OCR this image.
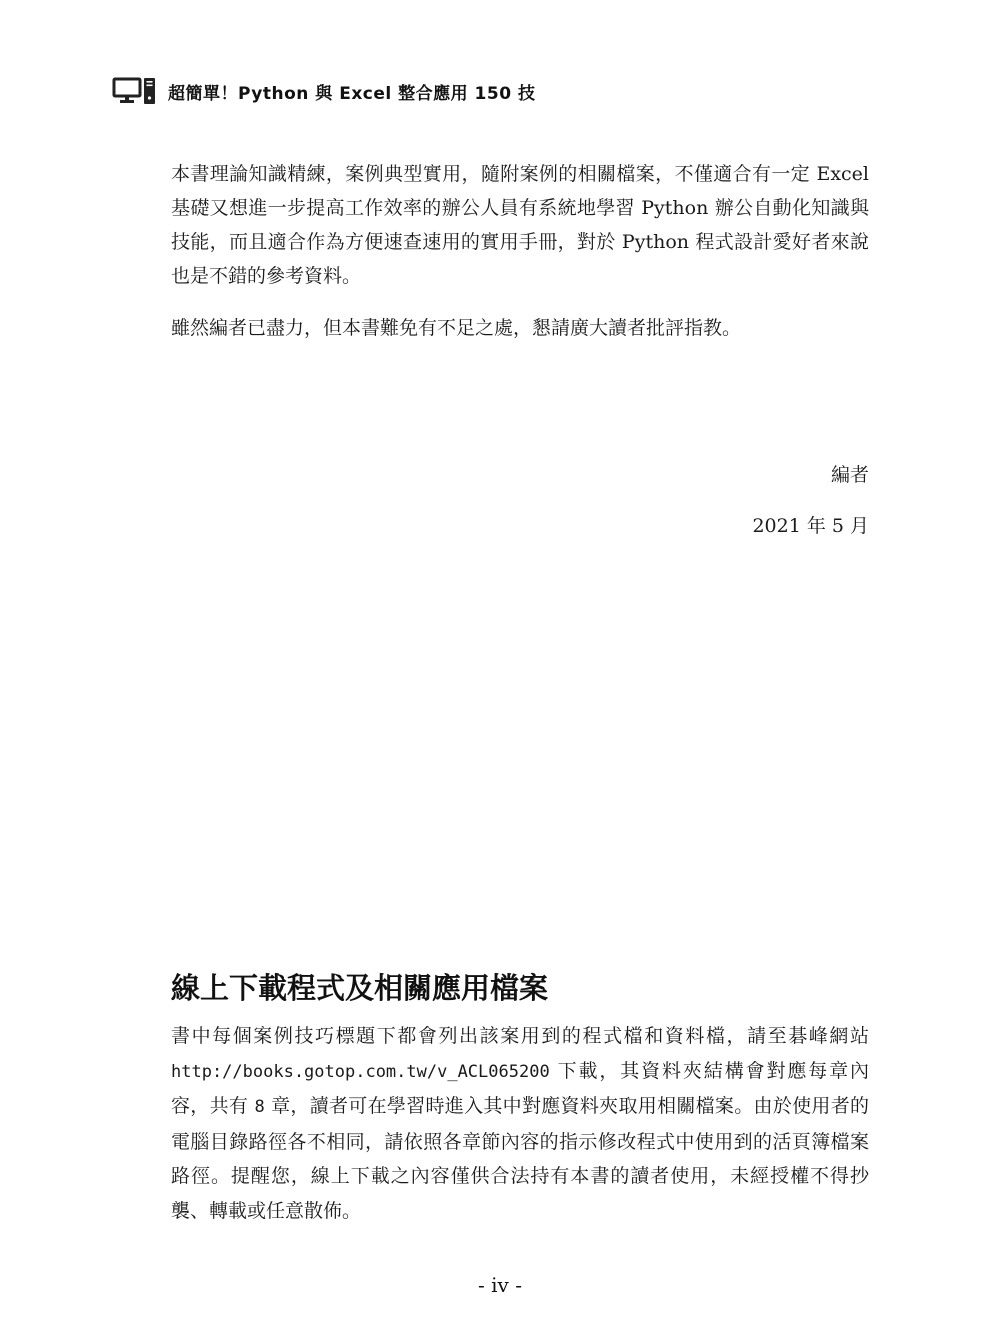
超簡單！Python 與 Excel 整合應用 150 技

本書理論知識精練，案例典型實用，隨附案例的相關檔案，不僅適合有一定 Excel 基礎又想進一步提高工作效率的辦公人員有系統地學習 Python 辦公自動化知識與技能，而且適合作為方便速查速用的實用手冊，對於 Python 程式設計愛好者來說也是不錯的參考資料。

雖然編者已盡力，但本書難免有不足之處，懇請廣大讀者批評指教。

編者
2021 年 5 月
線上下載程式及相關應用檔案

書中每個案例技巧標題下都會列出該案用到的程式檔和資料檔，請至碁峰網站 http://books.gotop.com.tw/v_ACL065200 下載，其資料夾結構會對應每章內容，共有 8 章，讀者可在學習時進入其中對應資料夾取用相關檔案。由於使用者的電腦目錄路徑各不相同，請依照各章節內容的指示修改程式中使用到的活頁簿檔案路徑。提醒您，線上下載之內容僅供合法持有本書的讀者使用，未經授權不得抄襲、轉載或任意散佈。

- iv -
